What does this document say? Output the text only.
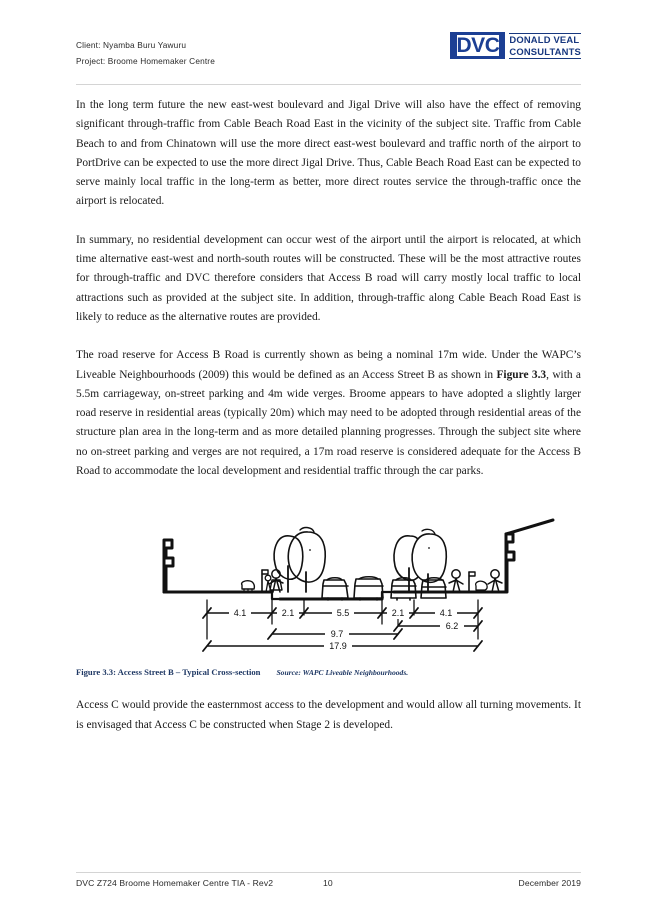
Client: Nyamba Buru Yawuru
Project: Broome Homemaker Centre
D V C DONALD VEAL
CONSULTANTS

In the long term future the new east-west boulevard and Jigal Drive will also have the effect of removing significant through-traffic from Cable Beach Road East in the vicinity of the subject site. Traffic from Cable Beach to and from Chinatown will use the more direct east-west boulevard and traffic north of the airport to PortDrive can be expected to use the more direct Jigal Drive. Thus, Cable Beach Road East can be expected to serve mainly local traffic in the long-term as better, more direct routes service the through-traffic once the airport is relocated.

In summary, no residential development can occur west of the airport until the airport is relocated, at which time alternative east-west and north-south routes will be constructed. These will be the most attractive routes for through-traffic and DVC therefore considers that Access B road will carry mostly local traffic to local attractions such as provided at the subject site. In addition, through-traffic along Cable Beach Road East is likely to reduce as the alternative routes are provided.

The road reserve for Access B Road is currently shown as being a nominal 17m wide. Under the WAPC’s Liveable Neighbourhoods (2009) this would be defined as an Access Street B as shown in Figure 3.3, with a 5.5m carriageway, on-street parking and 4m wide verges. Broome appears to have adopted a slightly larger road reserve in residential areas (typically 20m) which may need to be adopted through residential areas of the structure plan area in the long-term and as more detailed planning progresses. Through the subject site where no on-street parking and verges are not required, a 17m road reserve is considered adequate for the Access B Road to accommodate the local development and residential traffic through the car parks.

4.1	2.1	5.5	2.1	4.1
6.2
9.7
17.9

Figure 3.3: Access Street B – Typical Cross-section Source: WAPC Liveable Neighbourhoods.

Access C would provide the easternmost access to the development and would allow all turning movements. It is envisaged that Access C be constructed when Stage 2 is developed.

DVC Z724 Broome Homemaker Centre TIA - Rev2	10	December 2019
